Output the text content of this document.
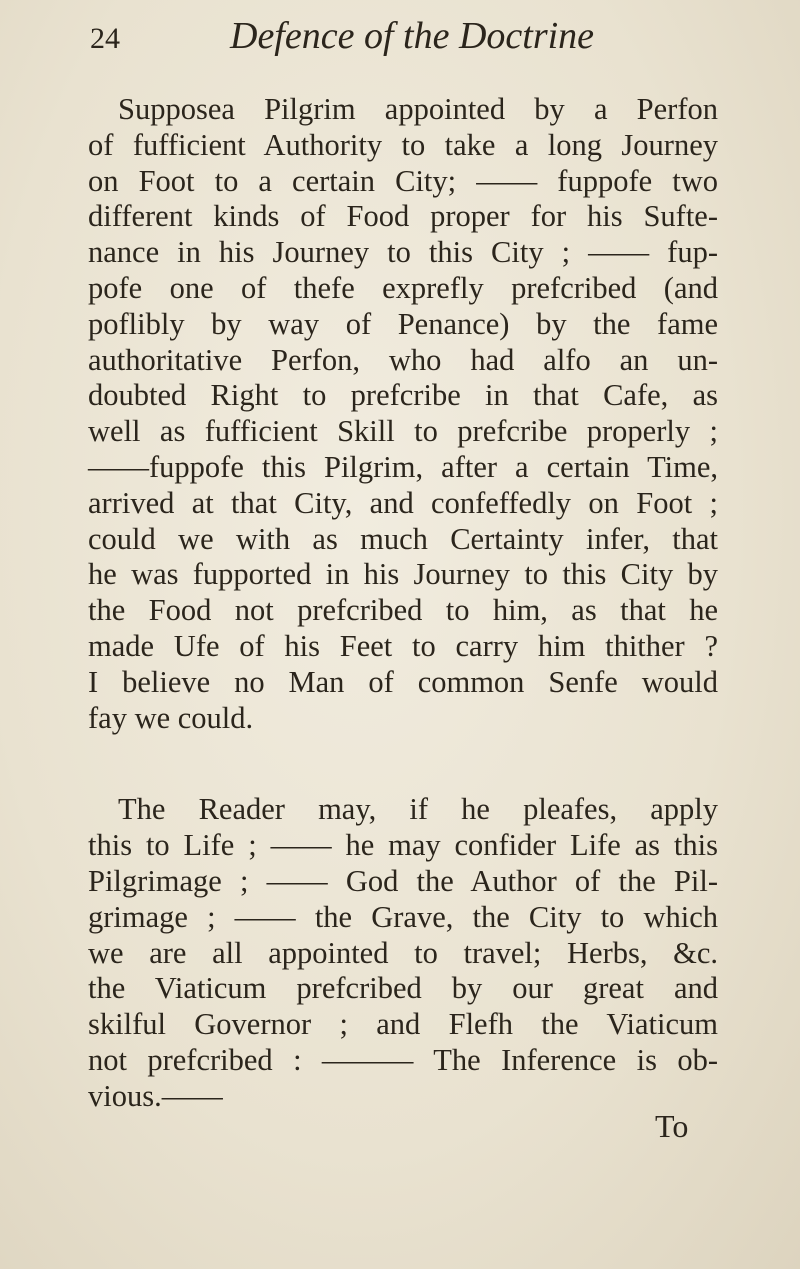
24	Defence of the Doctrine
Supposea Pilgrim appointed by a Perfon
of fufficient Authority to take a long Journey
on Foot to a certain City; —— fuppofe two
different kinds of Food proper for his Sufte-
nance in his Journey to this City ; —— fup-
pofe one of thefe exprefly prefcribed (and
poflibly by way of Penance) by the fame
authoritative Perfon, who had alfo an un-
doubted Right to prefcribe in that Cafe, as
well as fufficient Skill to prefcribe properly ;
——fuppofe this Pilgrim, after a certain Time,
arrived at that City, and confeffedly on Foot ;
could we with as much Certainty infer, that
he was fupported in his Journey to this City by
the Food not prefcribed to him, as that he
made Ufe of his Feet to carry him thither ?
I believe no Man of common Senfe would
fay we could.
The Reader may, if he pleafes, apply
this to Life ; —— he may confider Life as this
Pilgrimage ; —— God the Author of the Pil-
grimage ; —— the Grave, the City to which
we are all appointed to travel; Herbs, &c.
the Viaticum prefcribed by our great and
skilful Governor ; and Flefh the Viaticum
not prefcribed : ——— The Inference is ob-
vious.——
To
